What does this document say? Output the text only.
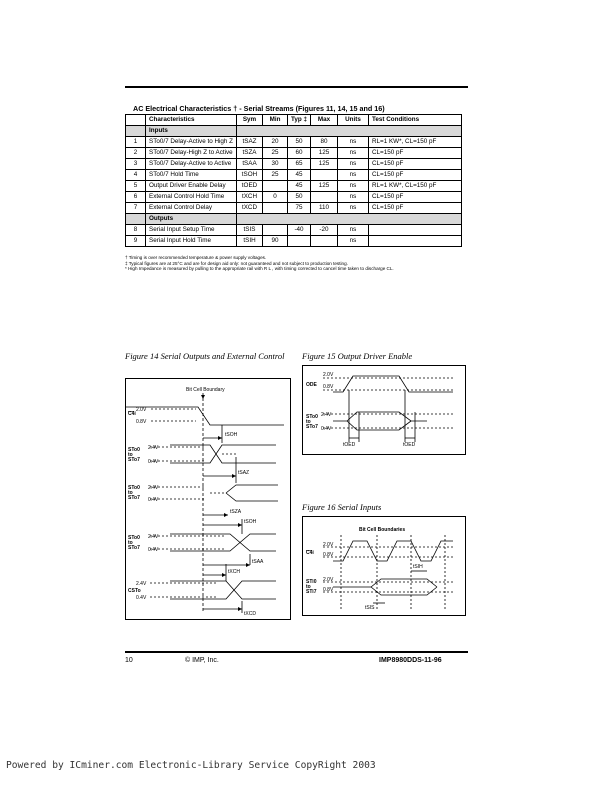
AC Electrical Characteristics † - Serial Streams (Figures 11, 14, 15 and 16)
	Characteristics	Sym	Min	Typ ‡	Max	Units	Test Conditions
	Inputs						
1	STo0/7 Delay-Active to High Z	tSAZ	20	50	80	ns	RL=1 KW*, CL=150 pF
2	STo0/7 Delay-High Z to Active	tSZA	25	60	125	ns	CL=150 pF
3	STo0/7 Delay-Active to Active	tSAA	30	65	125	ns	CL=150 pF
4	STo0/7 Hold Time	tSOH	25	45		ns	CL=150 pF
5	Output Driver Enable Delay	tOED		45	125	ns	RL=1 KW*, CL=150 pF
6	External Control Hold Time	tXCH	0	50		ns	CL=150 pF
7	External Control Delay	tXCD		75	110	ns	CL=150 pF
	Outputs						
8	Serial Input Setup Time	tSIS		-40	-20	ns	
9	Serial Input Hold Time	tSIH	90			ns	
† Timing is over recommended temperature & power supply voltages.
‡ Typical figures are at 25°C and are for design aid only: not guaranteed and not subject to production testing.
* High Impedance is measured by pulling to the appropriate rail with R L , with timing corrected to cancel time taken to discharge CL.
Figure 14 Serial Outputs and External Control
Bit Cell Boundary
C4i
2.0V
0.8V
STo0
to
STo7
2.4V
0.4V
STo0
to
STo7
2.4V
0.4V
STo0
to
STo7
2.4V
0.4V
CSTo
2.4V
0.4V
tSOH
tSAZ
tSZA
tSOH
tSAA
tXCH
tXCD
Figure 15 Output Driver Enable
ODE
2.0V
0.8V
STo0
to
STo7
2.4V
0.4V
tOED	tOED
Figure 16 Serial Inputs
Bit Cell Boundaries
C4i
2.0V
0.8V
STi0
to
STi7
2.0V
0.8V
tSIH
tSIS
10	© IMP, Inc.	IMP8980DDS-11-96
Powered by ICminer.com Electronic-Library Service CopyRight 2003
